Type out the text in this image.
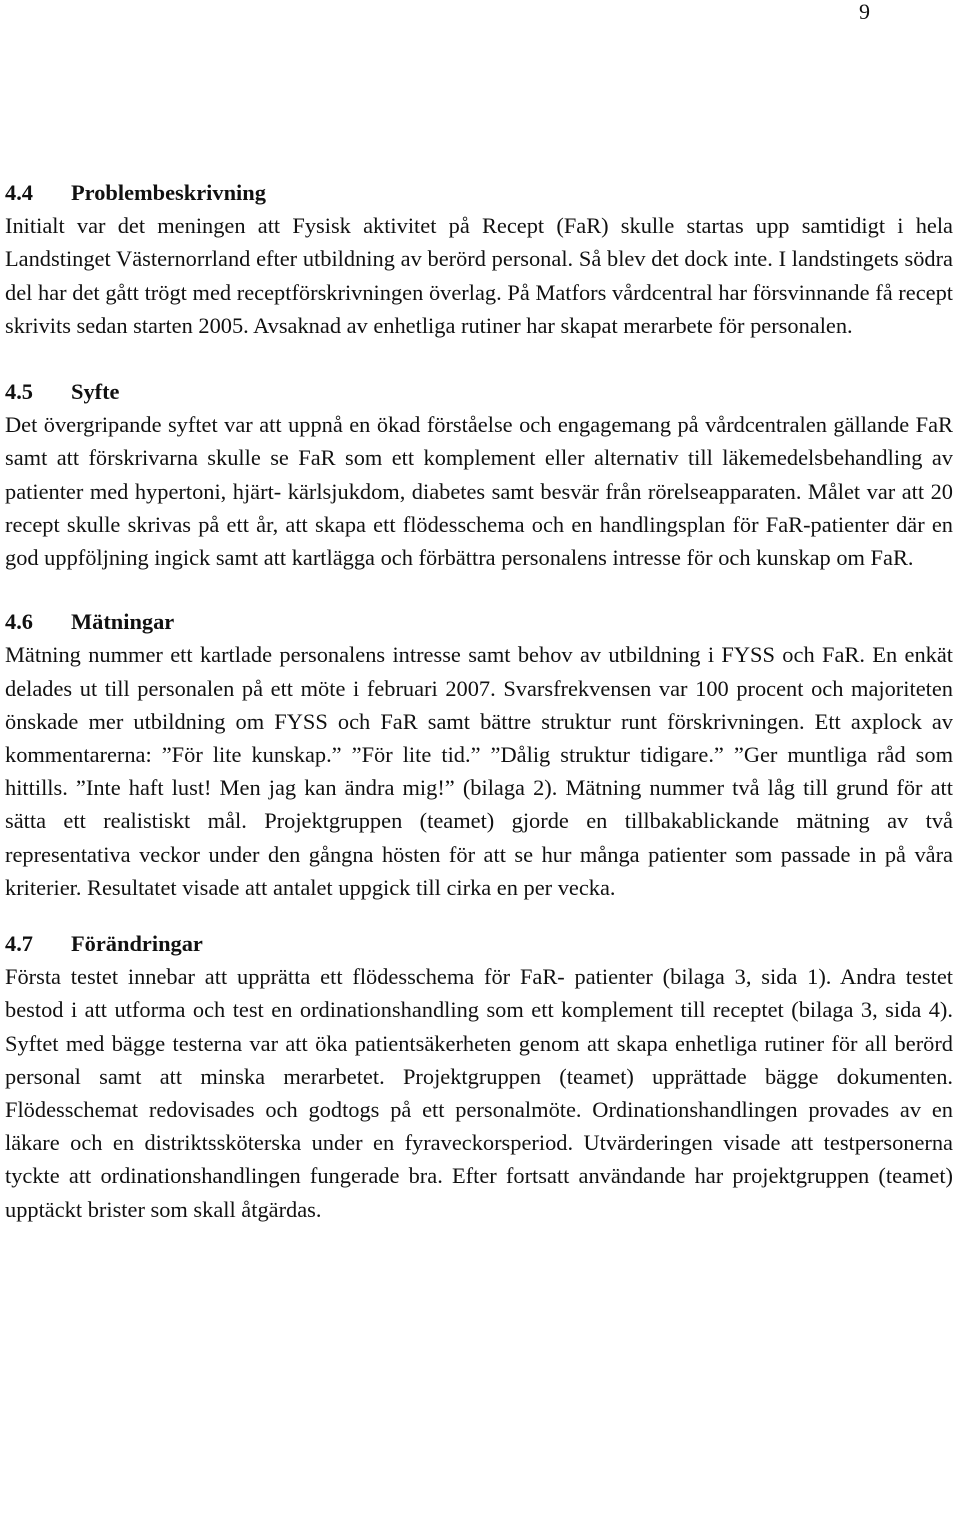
9
4.4 Problembeskrivning

Initialt var det meningen att Fysisk aktivitet på Recept (FaR) skulle startas upp samtidigt i hela Landstinget Västernorrland efter utbildning av berörd personal. Så blev det dock inte. I landstingets södra del har det gått trögt med receptförskrivningen överlag. På Matfors vårdcentral har försvinnande få recept skrivits sedan starten 2005. Avsaknad av enhetliga rutiner har skapat merarbete för personalen.

4.5 Syfte

Det övergripande syftet var att uppnå en ökad förståelse och engagemang på vårdcentralen gällande FaR samt att förskrivarna skulle se FaR som ett komplement eller alternativ till läkemedelsbehandling av patienter med hypertoni, hjärt- kärlsjukdom, diabetes samt besvär från rörelseapparaten. Målet var att 20 recept skulle skrivas på ett år, att skapa ett flödesschema och en handlingsplan för FaR-patienter där en god uppföljning ingick samt att kartlägga och förbättra personalens intresse för och kunskap om FaR.

4.6 Mätningar

Mätning nummer ett kartlade personalens intresse samt behov av utbildning i FYSS och FaR. En enkät delades ut till personalen på ett möte i februari 2007. Svarsfrekvensen var 100 procent och majoriteten önskade mer utbildning om FYSS och FaR samt bättre struktur runt förskrivningen. Ett axplock av kommentarerna: ”För lite kunskap.” ”För lite tid.” ”Dålig struktur tidigare.” ”Ger muntliga råd som hittills. ”Inte haft lust! Men jag kan ändra mig!” (bilaga 2). Mätning nummer två låg till grund för att sätta ett realistiskt mål. Projektgruppen (teamet) gjorde en tillbakablickande mätning av två representativa veckor under den gångna hösten för att se hur många patienter som passade in på våra kriterier. Resultatet visade att antalet uppgick till cirka en per vecka.

4.7 Förändringar

Första testet innebar att upprätta ett flödesschema för FaR- patienter (bilaga 3, sida 1). Andra testet bestod i att utforma och test en ordinationshandling som ett komplement till receptet (bilaga 3, sida 4). Syftet med bägge testerna var att öka patientsäkerheten genom att skapa enhetliga rutiner för all berörd personal samt att minska merarbetet. Projektgruppen (teamet) upprättade bägge dokumenten. Flödesschemat redovisades och godtogs på ett personalmöte. Ordinationshandlingen provades av en läkare och en distriktssköterska under en fyraveckorsperiod. Utvärderingen visade att testpersonerna tyckte att ordinationshandlingen fungerade bra. Efter fortsatt användande har projektgruppen (teamet) upptäckt brister som skall åtgärdas.
